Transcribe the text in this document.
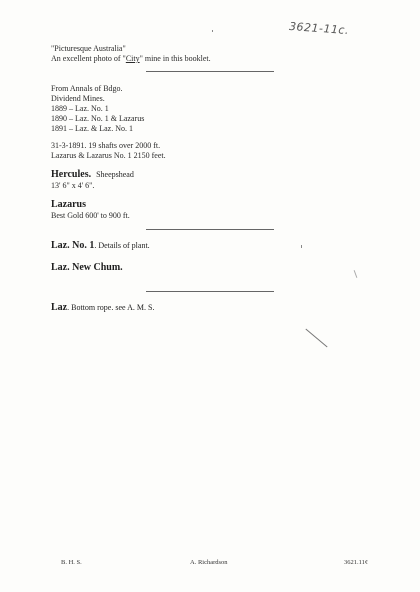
3621-11c.
"Picturesque Australia"
An excellent photo of "City" mine in this booklet.
From Annals of Bdgo.
Dividend Mines.
1889 – Laz. No. 1
1890 – Laz. No. 1 & Lazarus
1891 – Laz. & Laz. No. 1
31-3-1891. 19 shafts over 2000 ft.
Lazarus & Lazarus No. 1 2150 feet.
Hercules. Sheepshead
13' 6" x 4' 6".
Lazarus
Best Gold 600' to 900 ft.
Laz. No. 1. Details of plant.
Laz. New Chum.
Laz. Bottom rope. see A. M. S.
B. H. S.	A. Richardson	3621.11¢
